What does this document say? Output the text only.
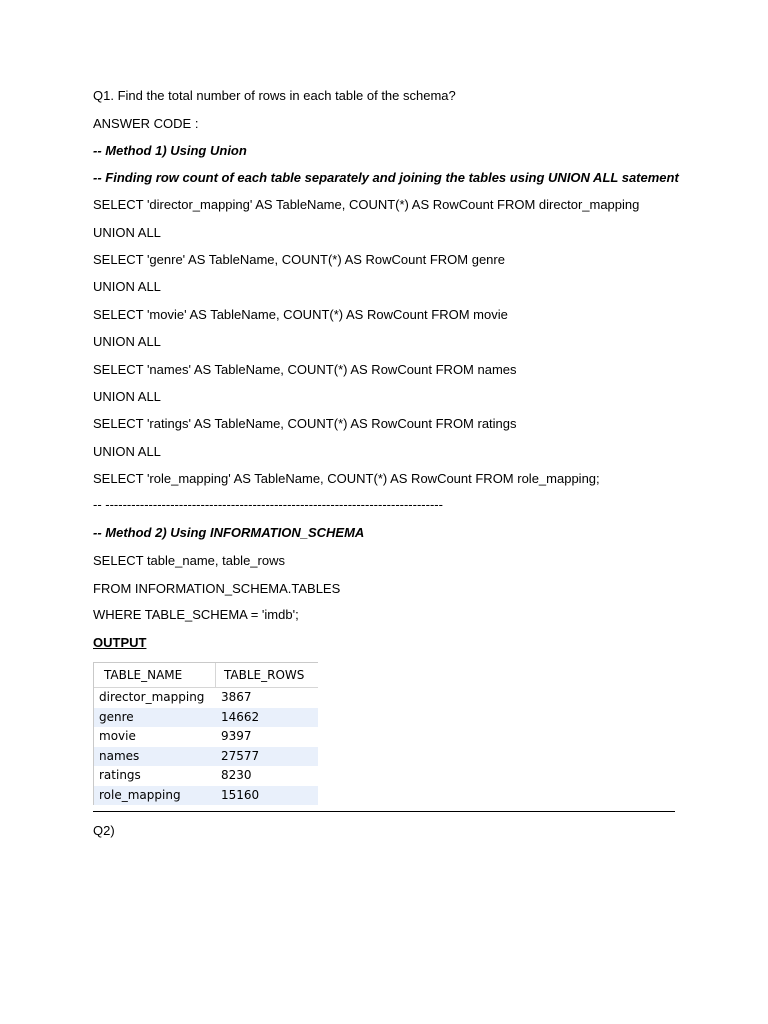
Q1. Find the total number of rows in each table of the schema?
ANSWER CODE :
-- Method 1) Using Union
-- Finding row count of each table separately and joining the tables using UNION ALL satement
SELECT 'director_mapping' AS TableName, COUNT(*) AS RowCount FROM director_mapping
UNION ALL
SELECT 'genre' AS TableName, COUNT(*) AS RowCount FROM genre
UNION ALL
SELECT 'movie' AS TableName, COUNT(*) AS RowCount FROM movie
UNION ALL
SELECT 'names' AS TableName, COUNT(*) AS RowCount FROM names
UNION ALL
SELECT 'ratings' AS TableName, COUNT(*) AS RowCount FROM ratings
UNION ALL
SELECT 'role_mapping' AS TableName, COUNT(*) AS RowCount FROM role_mapping;
-- ------------------------------------------------------------------------------
-- Method 2) Using INFORMATION_SCHEMA
SELECT table_name, table_rows
FROM INFORMATION_SCHEMA.TABLES
WHERE TABLE_SCHEMA = 'imdb';
OUTPUT
TABLE_NAME	TABLE_ROWS
director_mapping	3867
genre	14662
movie	9397
names	27577
ratings	8230
role_mapping	15160
Q2)
